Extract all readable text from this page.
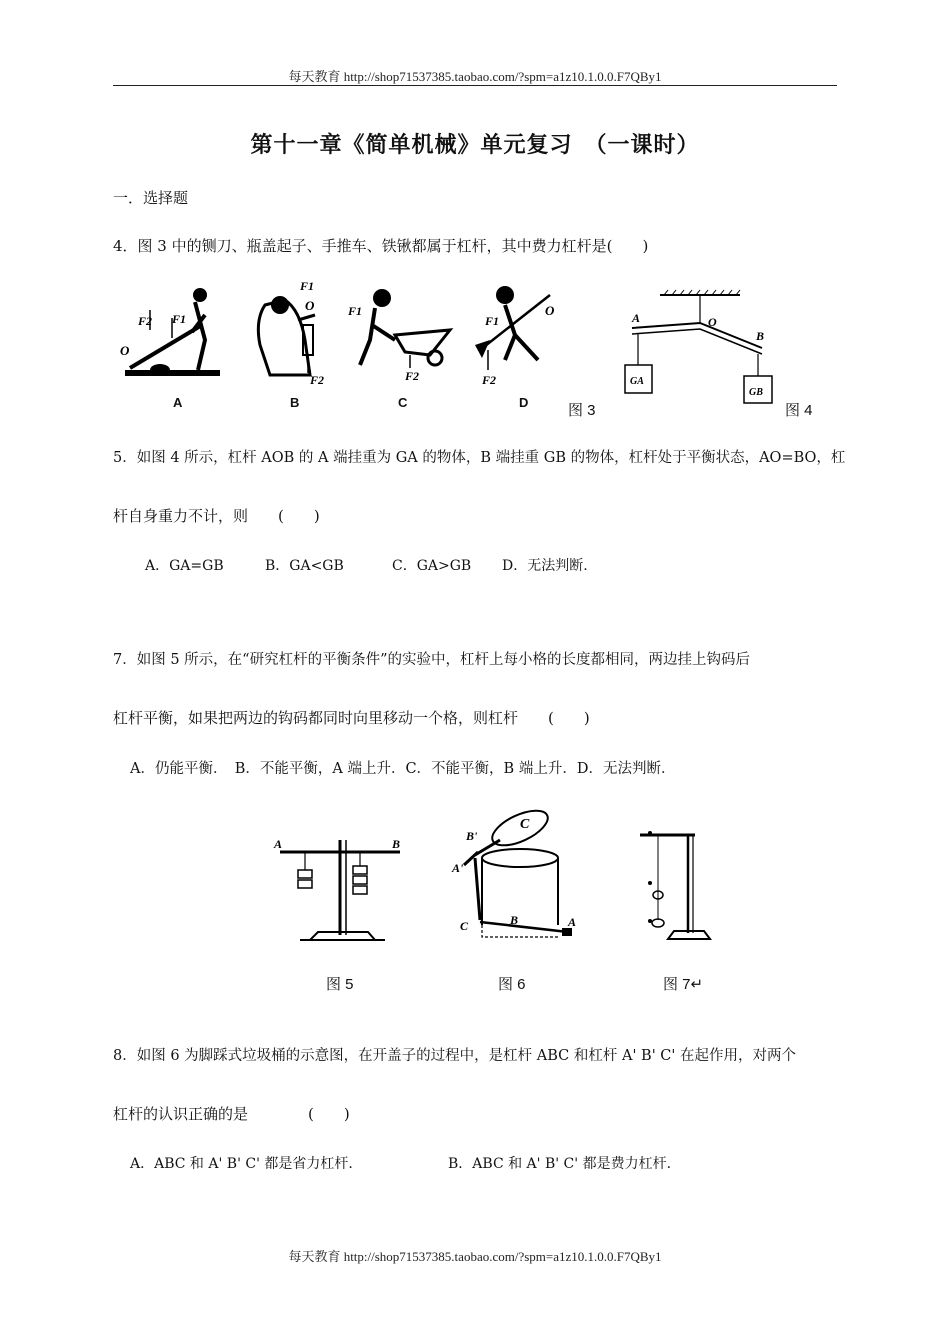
每天教育 http://shop71537385.taobao.com/?spm=a1z10.1.0.0.F7QBy1
第十一章《简单机械》单元复习　（一课时）
一．选择题
4．图 3 中的铡刀、瓶盖起子、手推车、铁锹都属于杠杆，其中费力杠杆是(　　)
F2 F1
O
F1
O
F2
F1
F2
F1
O
F2
A	B	C	D	图 3
A	O
B
GA
GB
图 4
5．如图 4 所示，杠杆 AOB 的 A 端挂重为 GA 的物体，B 端挂重 GB 的物体，杠杆处于平衡状态，AO=BO，杠
杆自身重力不计，则　　(　　)
A．GA=GB	B．GA<GB	C．GA>GB D．无法判断.
7．如图 5 所示，在“研究杠杆的平衡条件”的实验中，杠杆上每小格的长度都相同，两边挂上钩码后
杠杆平衡，如果把两边的钩码都同时向里移动一个格，则杠杆　　(　　)
A．仍能平衡．　B．不能平衡，A 端上升．C．不能平衡，B 端上升．D．无法判断．
A	B
图 5
B'
A'
C
C	B	A
图 6	图 7↵
8．如图 6 为脚踩式垃圾桶的示意图，在开盖子的过程中，是杠杆 ABC 和杠杆 A' B' C' 在起作用，对两个
杠杆的认识正确的是　　　　(　　)
A．ABC 和 A' B' C' 都是省力杠杆.	B．ABC 和 A' B' C' 都是费力杠杆.
每天教育 http://shop71537385.taobao.com/?spm=a1z10.1.0.0.F7QBy1
